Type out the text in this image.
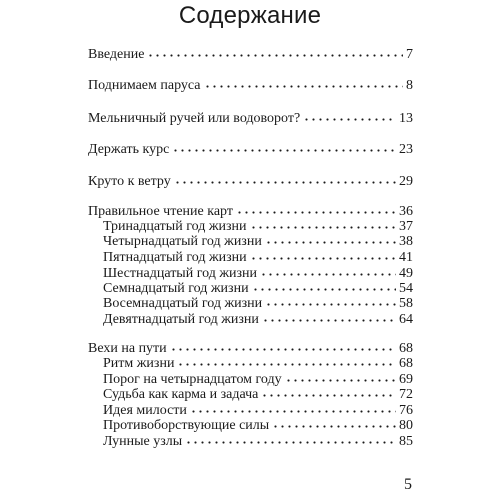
Содержание
Введение	7
Поднимаем паруса	8
Мельничный ручей или водоворот?	13
Держать курс	23
Круто к ветру	29
Правильное чтение карт	36
Тринадцатый год жизни	37
Четырнадцатый год жизни	38
Пятнадцатый год жизни	41
Шестнадцатый год жизни	49
Семнадцатый год жизни	54
Восемнадцатый год жизни	58
Девятнадцатый год жизни	64
Вехи на пути	68
Ритм жизни	68
Порог на четырнадцатом году	69
Судьба как карма и задача	72
Идея милости	76
Противоборствующие силы	80
Лунные узлы	85
5
